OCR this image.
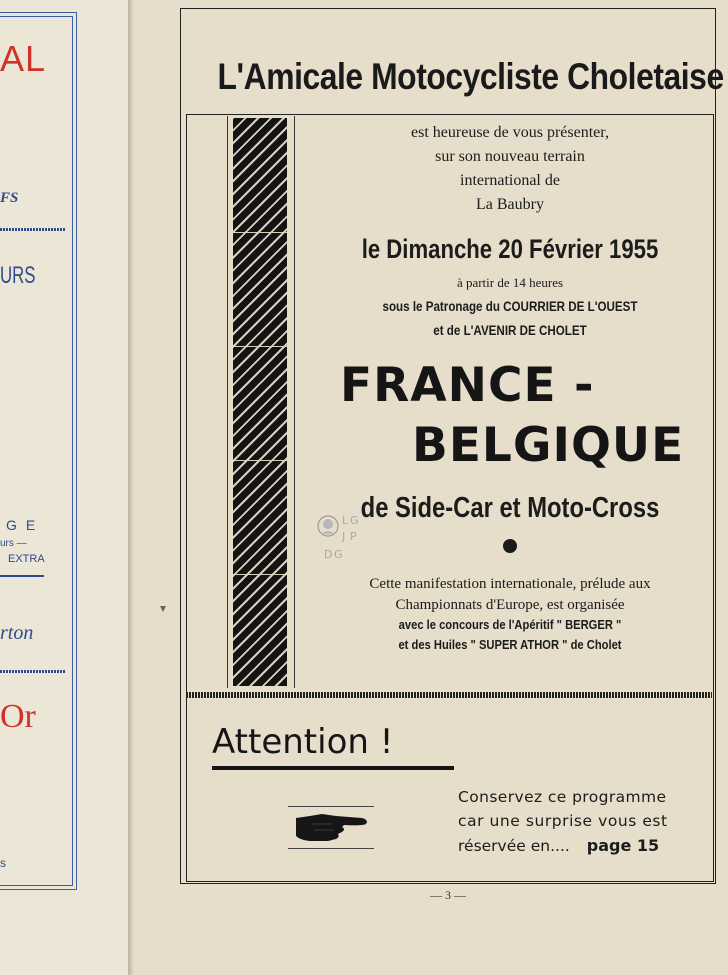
AL
FS
URS
GE
urs —
EXTRA
rton
Or
s
L'Amicale Motocycliste Choletaise
est heureuse de vous présenter,
sur son nouveau terrain
international de
La Baubry
le Dimanche 20 Février 1955
à partir de 14 heures
sous le Patronage du COURRIER DE L'OUEST
et de L'AVENIR DE CHOLET
FRANCE -
BELGIQUE
de Side-Car et Moto-Cross
L G
J P
D G
Cette manifestation internationale, prélude aux
Championnats d'Europe, est organisée
avec le concours de l'Apéritif " BERGER "
et des Huiles " SUPER ATHOR " de Cholet
Attention !
Conservez ce programme
car une surprise vous est
réservée en.... page 15
— 3 —
